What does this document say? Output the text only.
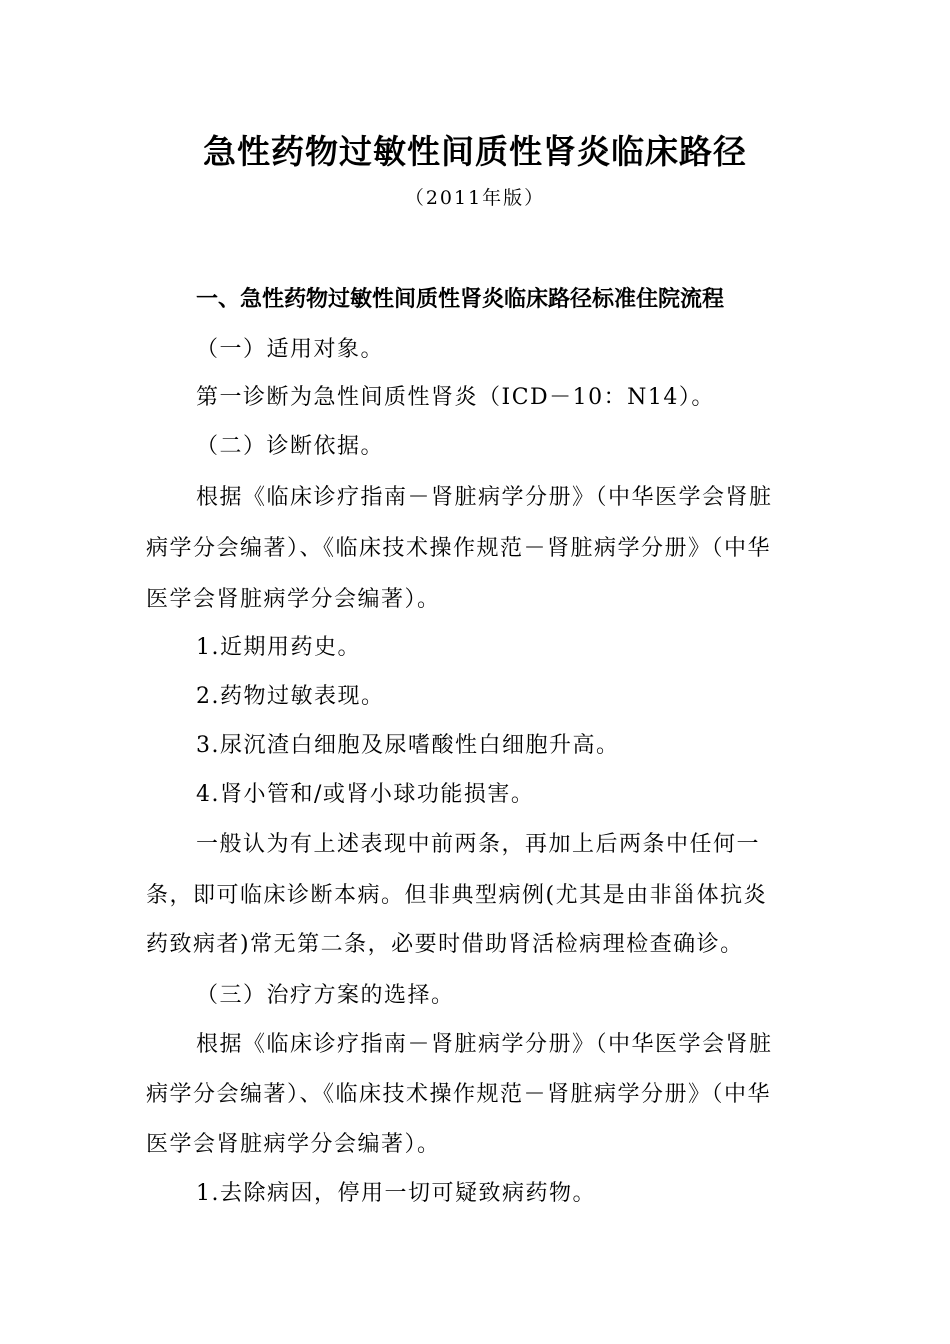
急性药物过敏性间质性肾炎临床路径
（2011年版）
一、急性药物过敏性间质性肾炎临床路径标准住院流程
（一）适用对象。
第一诊断为急性间质性肾炎（ICD－10：N14）。
（二）诊断依据。
根据《临床诊疗指南－肾脏病学分册》（中华医学会肾脏
病学分会编著）、《临床技术操作规范－肾脏病学分册》（中华
医学会肾脏病学分会编著）。
1.近期用药史。
2.药物过敏表现。
3.尿沉渣白细胞及尿嗜酸性白细胞升高。
4.肾小管和/或肾小球功能损害。
一般认为有上述表现中前两条，再加上后两条中任何一
条，即可临床诊断本病。但非典型病例(尤其是由非甾体抗炎
药致病者)常无第二条，必要时借助肾活检病理检查确诊。
（三）治疗方案的选择。
根据《临床诊疗指南－肾脏病学分册》（中华医学会肾脏
病学分会编著）、《临床技术操作规范－肾脏病学分册》（中华
医学会肾脏病学分会编著）。
1.去除病因，停用一切可疑致病药物。
